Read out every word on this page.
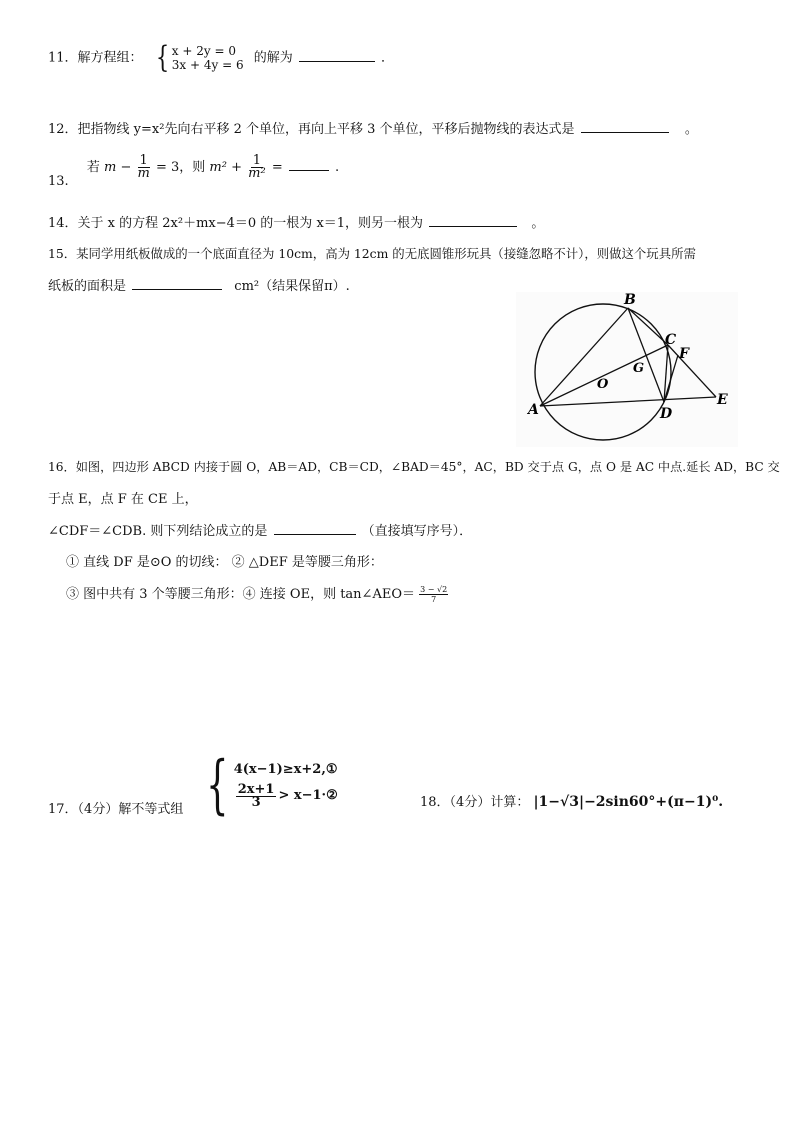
11．解方程组： { x + 2y = 0
3x + 4y = 6 的解为	．
12．把指物线 y=x²先向右平移 2 个单位，再向上平移 3 个单位，平移后抛物线的表达式是	。
13. 若 $m - \frac{1}{m} = 3$，则 $m^2 + \frac{1}{\text{m²}}$ =	.
14．关于 x 的方程 2x²＋mx−4＝0 的一根为 x＝1，则另一根为	。
15．某同学用纸板做成的一个底面直径为 10cm，高为 12cm 的无底圆锥形玩具（接缝忽略不计），则做这个玩具所需
纸板的面积是	cm²（结果保留π）.
B
C
F
G
O
A	D
E
16．如图，四边形 ABCD 内接于圆 O，AB＝AD，CB＝CD，∠BAD＝45°，AC，BD 交于点 G，点 O 是 AC 中点.延长 AD，BC 交
于点 E，点 F 在 CE 上，
∠CDF＝∠CDB. 则下列结论成立的是	（直接填写序号）．
① 直线 DF 是⊙O 的切线： ② △DEF 是等腰三角形：
③ 图中共有 3 个等腰三角形：④ 连接 OE，则 tan∠AEO＝ $\frac{3 - √2}{7}$
17．（4分）解不等式组 { 4(x−1)≥x+2,①
$\frac{2x+1}{3}$ > x−1·②	18．（4分）计算： |1−√3|−2sin60°+(π−1)⁰.
